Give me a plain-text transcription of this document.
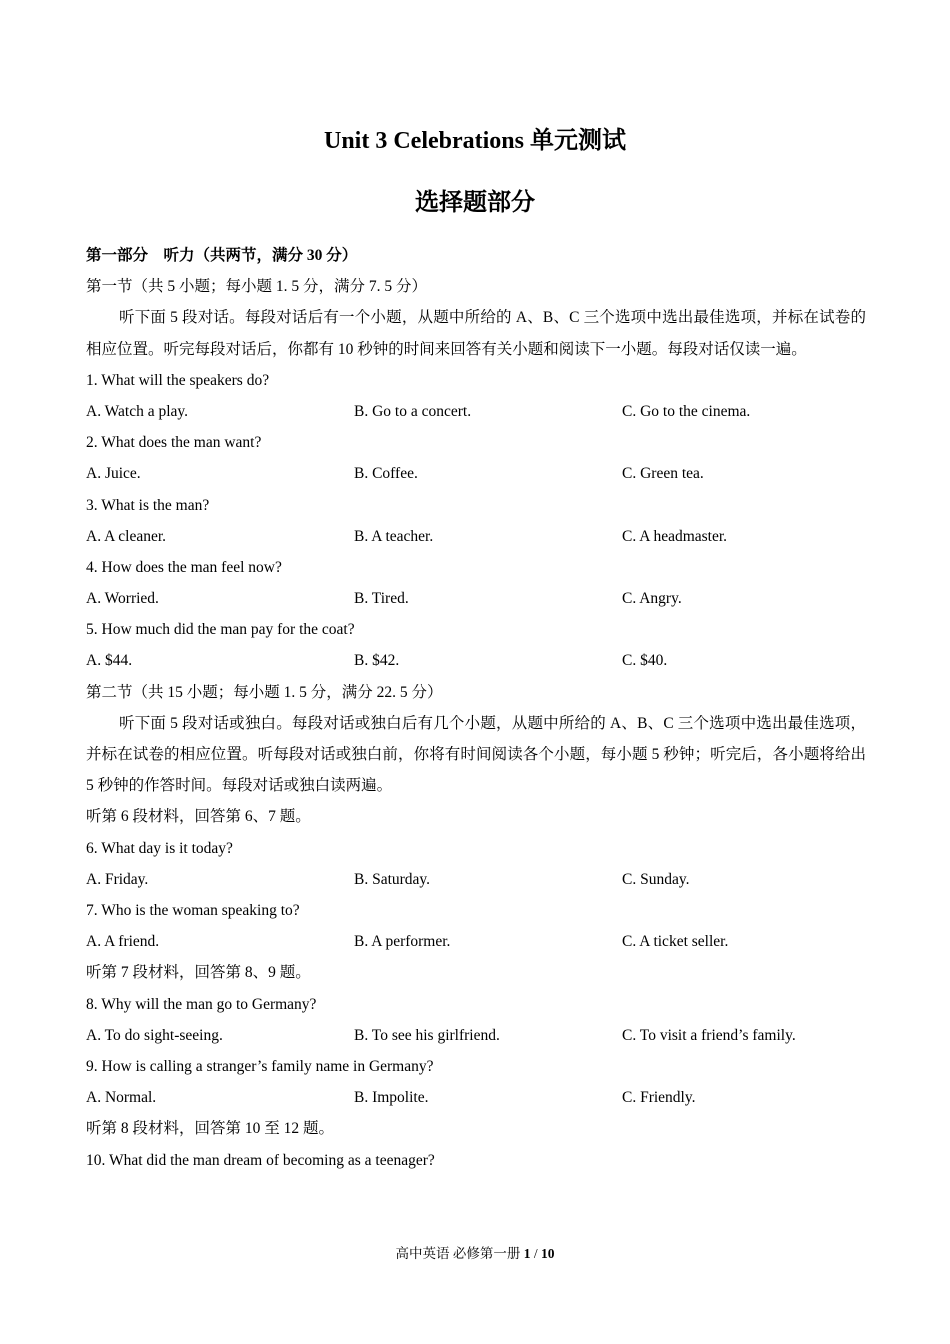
Unit 3 Celebrations 单元测试
选择题部分
第一部分　听力（共两节，满分 30 分）
第一节（共 5 小题；每小题 1. 5 分，满分 7. 5 分）
听下面 5 段对话。每段对话后有一个小题，从题中所给的 A、B、C 三个选项中选出最佳选项，并标在试卷的相应位置。听完每段对话后，你都有 10 秒钟的时间来回答有关小题和阅读下一小题。每段对话仅读一遍。
1. What will the speakers do?
A. Watch a play.	B. Go to a concert.	C. Go to the cinema.
2. What does the man want?
A. Juice.	B. Coffee.	C. Green tea.
3. What is the man?
A. A cleaner.	B. A teacher.	C. A headmaster.
4. How does the man feel now?
A. Worried.	B. Tired.	C. Angry.
5. How much did the man pay for the coat?
A. $44.	B. $42.	C. $40.
第二节（共 15 小题；每小题 1. 5 分，满分 22. 5 分）
听下面 5 段对话或独白。每段对话或独白后有几个小题，从题中所给的 A、B、C 三个选项中选出最佳选项，并标在试卷的相应位置。听每段对话或独白前，你将有时间阅读各个小题，每小题 5 秒钟；听完后，各小题将给出 5 秒钟的作答时间。每段对话或独白读两遍。
听第 6 段材料，回答第 6、7 题。
6. What day is it today?
A. Friday.	B. Saturday.	C. Sunday.
7. Who is the woman speaking to?
A. A friend.	B. A performer.	C. A ticket seller.
听第 7 段材料，回答第 8、9 题。
8. Why will the man go to Germany?
A. To do sight-seeing.	B. To see his girlfriend.	C. To visit a friend’s family.
9. How is calling a stranger’s family name in Germany?
A. Normal.	B. Impolite.	C. Friendly.
听第 8 段材料，回答第 10 至 12 题。
10. What did the man dream of becoming as a teenager?
高中英语 必修第一册 1 / 10
